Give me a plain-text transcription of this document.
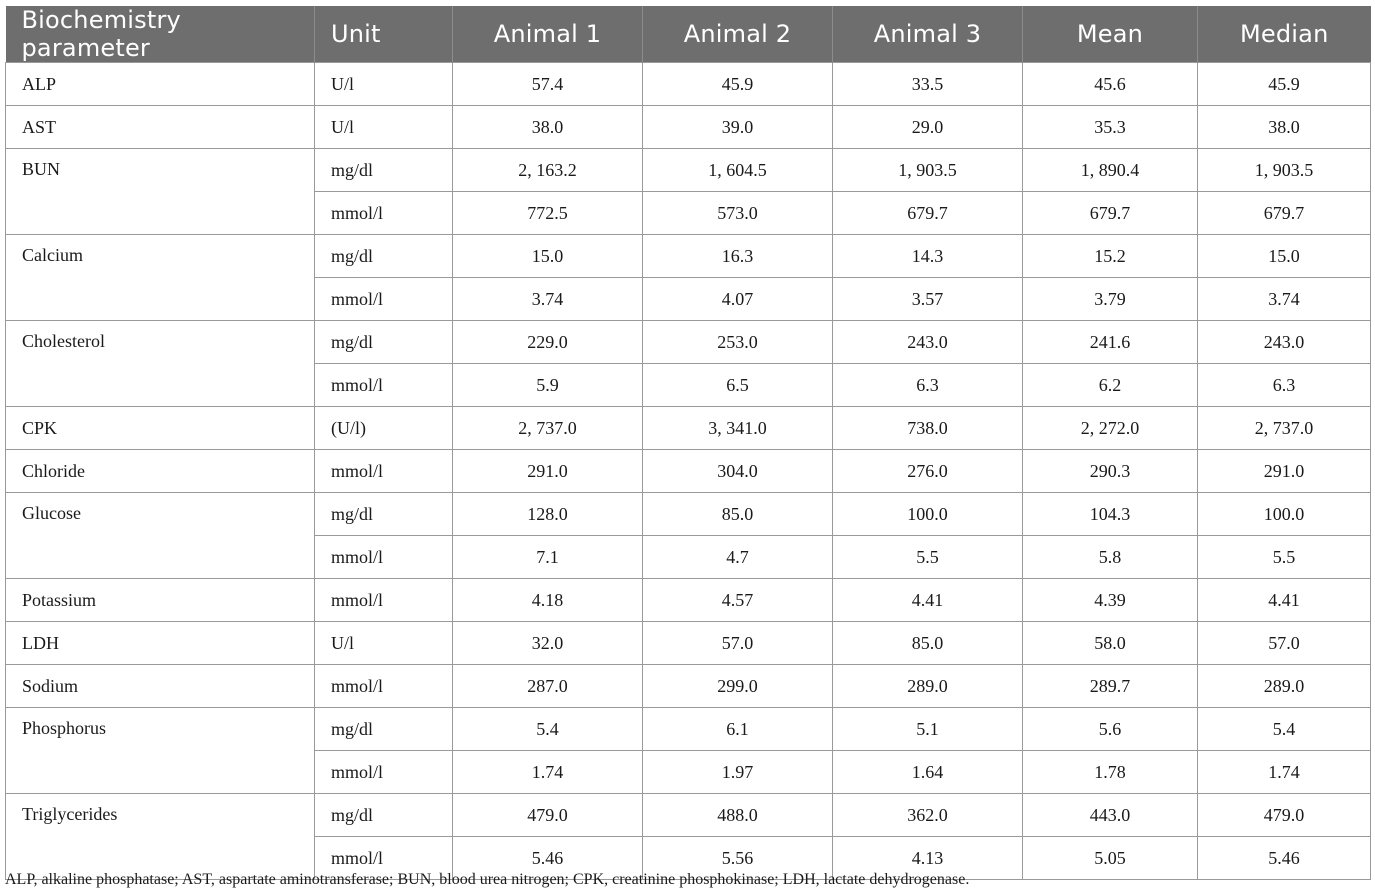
Biochemistry parameter	Unit	Animal 1	Animal 2	Animal 3	Mean	Median
ALP	U/l	57.4	45.9	33.5	45.6	45.9
AST	U/l	38.0	39.0	29.0	35.3	38.0
BUN	mg/dl	2, 163.2	1, 604.5	1, 903.5	1, 890.4	1, 903.5
	mmol/l	772.5	573.0	679.7	679.7	679.7
Calcium	mg/dl	15.0	16.3	14.3	15.2	15.0
	mmol/l	3.74	4.07	3.57	3.79	3.74
Cholesterol	mg/dl	229.0	253.0	243.0	241.6	243.0
	mmol/l	5.9	6.5	6.3	6.2	6.3
CPK	(U/l)	2, 737.0	3, 341.0	738.0	2, 272.0	2, 737.0
Chloride	mmol/l	291.0	304.0	276.0	290.3	291.0
Glucose	mg/dl	128.0	85.0	100.0	104.3	100.0
	mmol/l	7.1	4.7	5.5	5.8	5.5
Potassium	mmol/l	4.18	4.57	4.41	4.39	4.41
LDH	U/l	32.0	57.0	85.0	58.0	57.0
Sodium	mmol/l	287.0	299.0	289.0	289.7	289.0
Phosphorus	mg/dl	5.4	6.1	5.1	5.6	5.4
	mmol/l	1.74	1.97	1.64	1.78	1.74
Triglycerides	mg/dl	479.0	488.0	362.0	443.0	479.0
	mmol/l	5.46	5.56	4.13	5.05	5.46
ALP, alkaline phosphatase; AST, aspartate aminotransferase; BUN, blood urea nitrogen; CPK, creatinine phosphokinase; LDH, lactate dehydrogenase.
